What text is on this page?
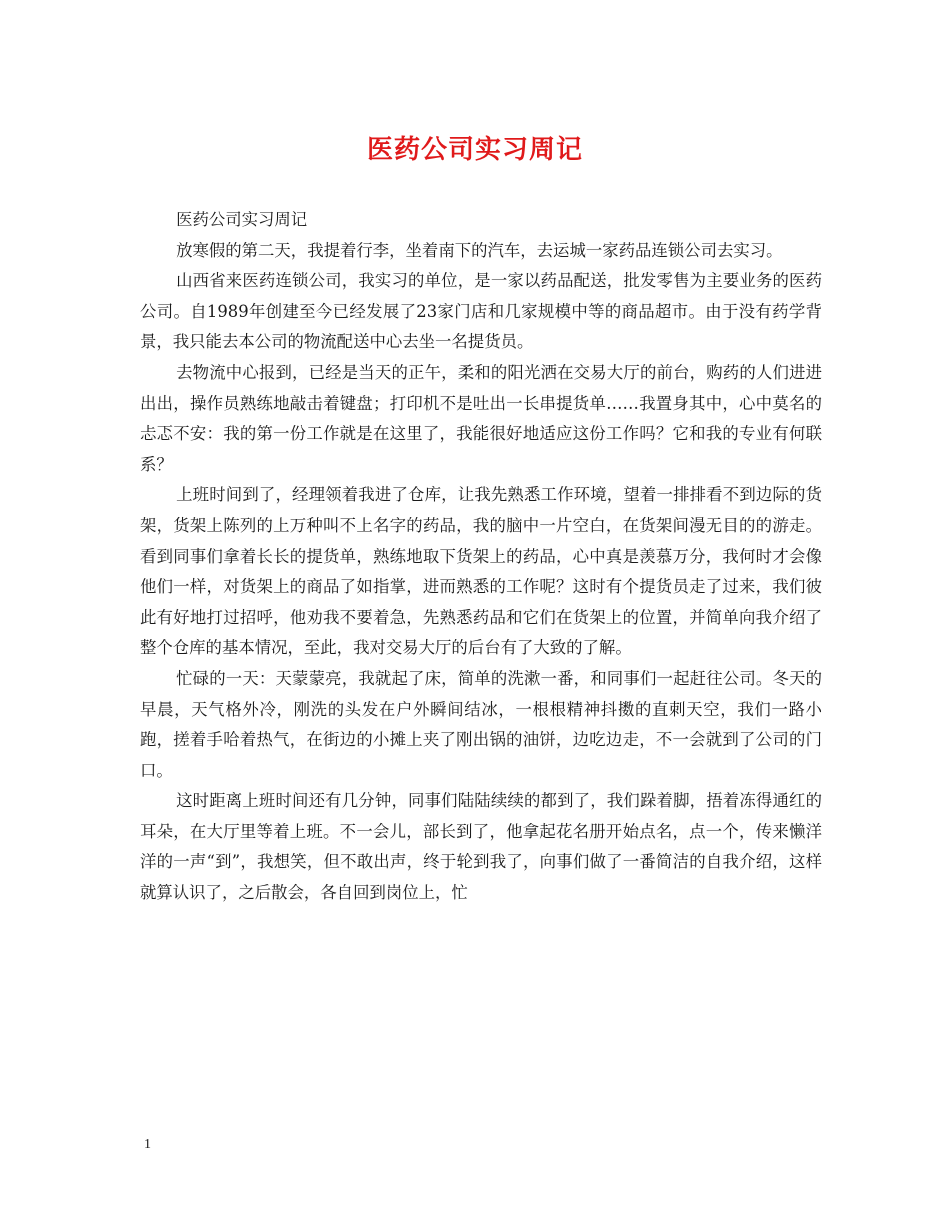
医药公司实习周记

医药公司实习周记

放寒假的第二天，我提着行李，坐着南下的汽车，去运城一家药品连锁公司去实习。

山西省来医药连锁公司，我实习的单位，是一家以药品配送，批发零售为主要业务的医药公司。自1989年创建至今已经发展了23家门店和几家规模中等的商品超市。由于没有药学背景，我只能去本公司的物流配送中心去坐一名提货员。

去物流中心报到，已经是当天的正午，柔和的阳光洒在交易大厅的前台，购药的人们进进出出，操作员熟练地敲击着键盘；打印机不是吐出一长串提货单……我置身其中，心中莫名的忐忑不安：我的第一份工作就是在这里了，我能很好地适应这份工作吗？它和我的专业有何联系？

上班时间到了，经理领着我进了仓库，让我先熟悉工作环境，望着一排排看不到边际的货架，货架上陈列的上万种叫不上名字的药品，我的脑中一片空白，在货架间漫无目的的游走。看到同事们拿着长长的提货单，熟练地取下货架上的药品，心中真是羡慕万分，我何时才会像他们一样，对货架上的商品了如指掌，进而熟悉的工作呢？这时有个提货员走了过来，我们彼此有好地打过招呼，他劝我不要着急，先熟悉药品和它们在货架上的位置，并简单向我介绍了整个仓库的基本情况，至此，我对交易大厅的后台有了大致的了解。

忙碌的一天：天蒙蒙亮，我就起了床，简单的洗漱一番，和同事们一起赶往公司。冬天的早晨，天气格外冷，刚洗的头发在户外瞬间结冰，一根根精神抖擞的直刺天空，我们一路小跑，搓着手哈着热气，在街边的小摊上夹了刚出锅的油饼，边吃边走，不一会就到了公司的门口。

这时距离上班时间还有几分钟，同事们陆陆续续的都到了，我们跺着脚，捂着冻得通红的耳朵，在大厅里等着上班。不一会儿，部长到了，他拿起花名册开始点名，点一个，传来懒洋洋的一声“到”，我想笑，但不敢出声，终于轮到我了，向事们做了一番简洁的自我介绍，这样就算认识了，之后散会，各自回到岗位上，忙

1
